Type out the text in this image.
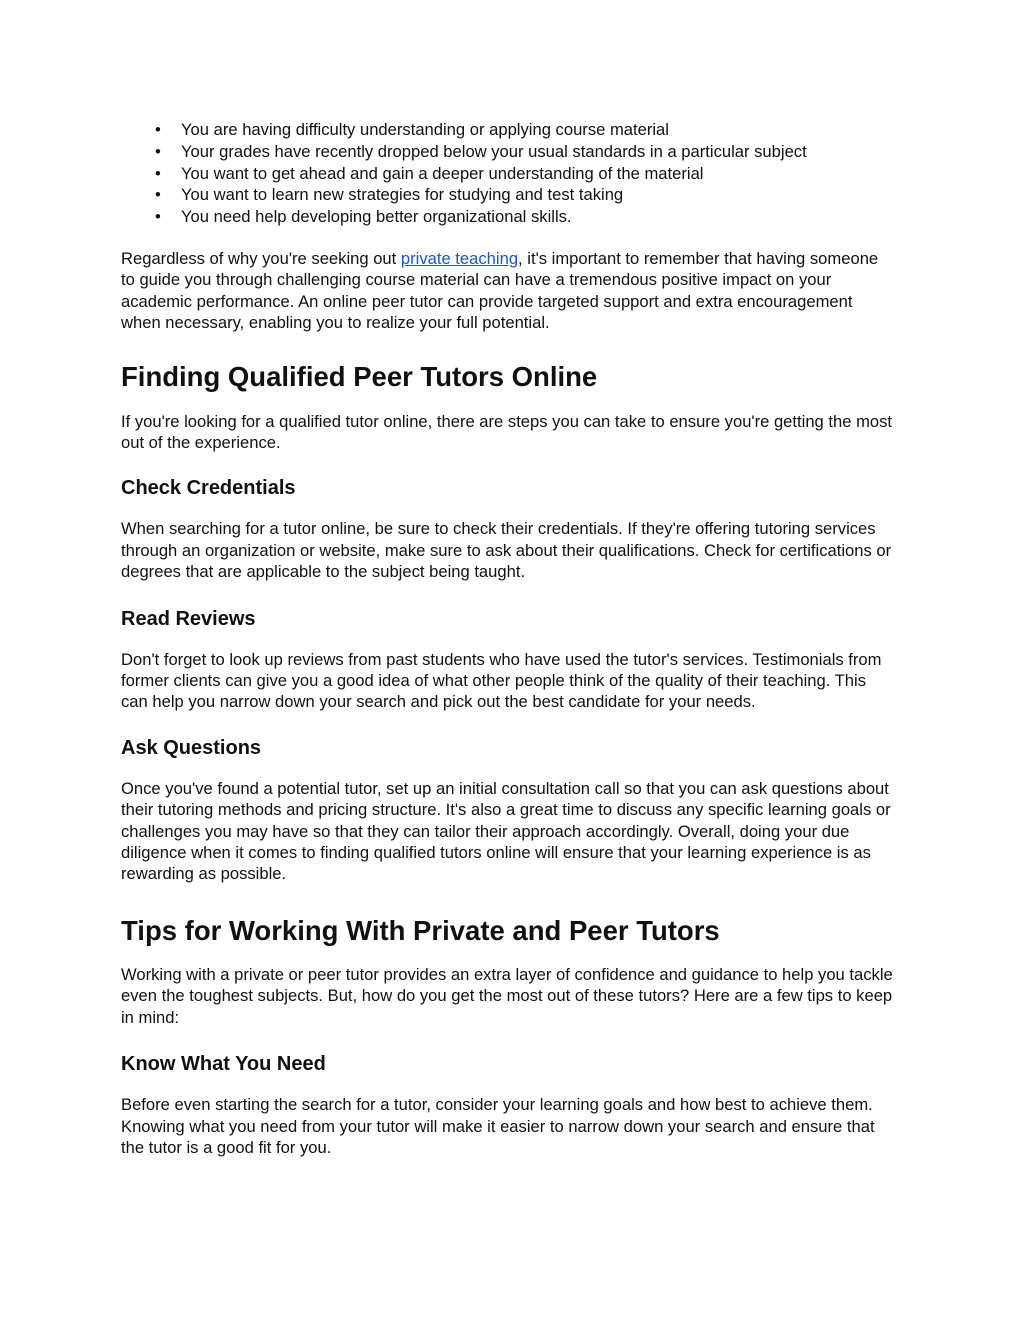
• You are having difficulty understanding or applying course material
• Your grades have recently dropped below your usual standards in a particular subject
• You want to get ahead and gain a deeper understanding of the material
• You want to learn new strategies for studying and test taking
• You need help developing better organizational skills.

Regardless of why you're seeking out private teaching, it's important to remember that having someone to guide you through challenging course material can have a tremendous positive impact on your academic performance. An online peer tutor can provide targeted support and extra encouragement when necessary, enabling you to realize your full potential.

Finding Qualified Peer Tutors Online

If you're looking for a qualified tutor online, there are steps you can take to ensure you're getting the most out of the experience.

Check Credentials

When searching for a tutor online, be sure to check their credentials. If they're offering tutoring services through an organization or website, make sure to ask about their qualifications. Check for certifications or degrees that are applicable to the subject being taught.

Read Reviews

Don't forget to look up reviews from past students who have used the tutor's services. Testimonials from former clients can give you a good idea of what other people think of the quality of their teaching. This can help you narrow down your search and pick out the best candidate for your needs.

Ask Questions

Once you've found a potential tutor, set up an initial consultation call so that you can ask questions about their tutoring methods and pricing structure. It's also a great time to discuss any specific learning goals or challenges you may have so that they can tailor their approach accordingly. Overall, doing your due diligence when it comes to finding qualified tutors online will ensure that your learning experience is as rewarding as possible.

Tips for Working With Private and Peer Tutors

Working with a private or peer tutor provides an extra layer of confidence and guidance to help you tackle even the toughest subjects. But, how do you get the most out of these tutors? Here are a few tips to keep in mind:

Know What You Need

Before even starting the search for a tutor, consider your learning goals and how best to achieve them. Knowing what you need from your tutor will make it easier to narrow down your search and ensure that the tutor is a good fit for you.
